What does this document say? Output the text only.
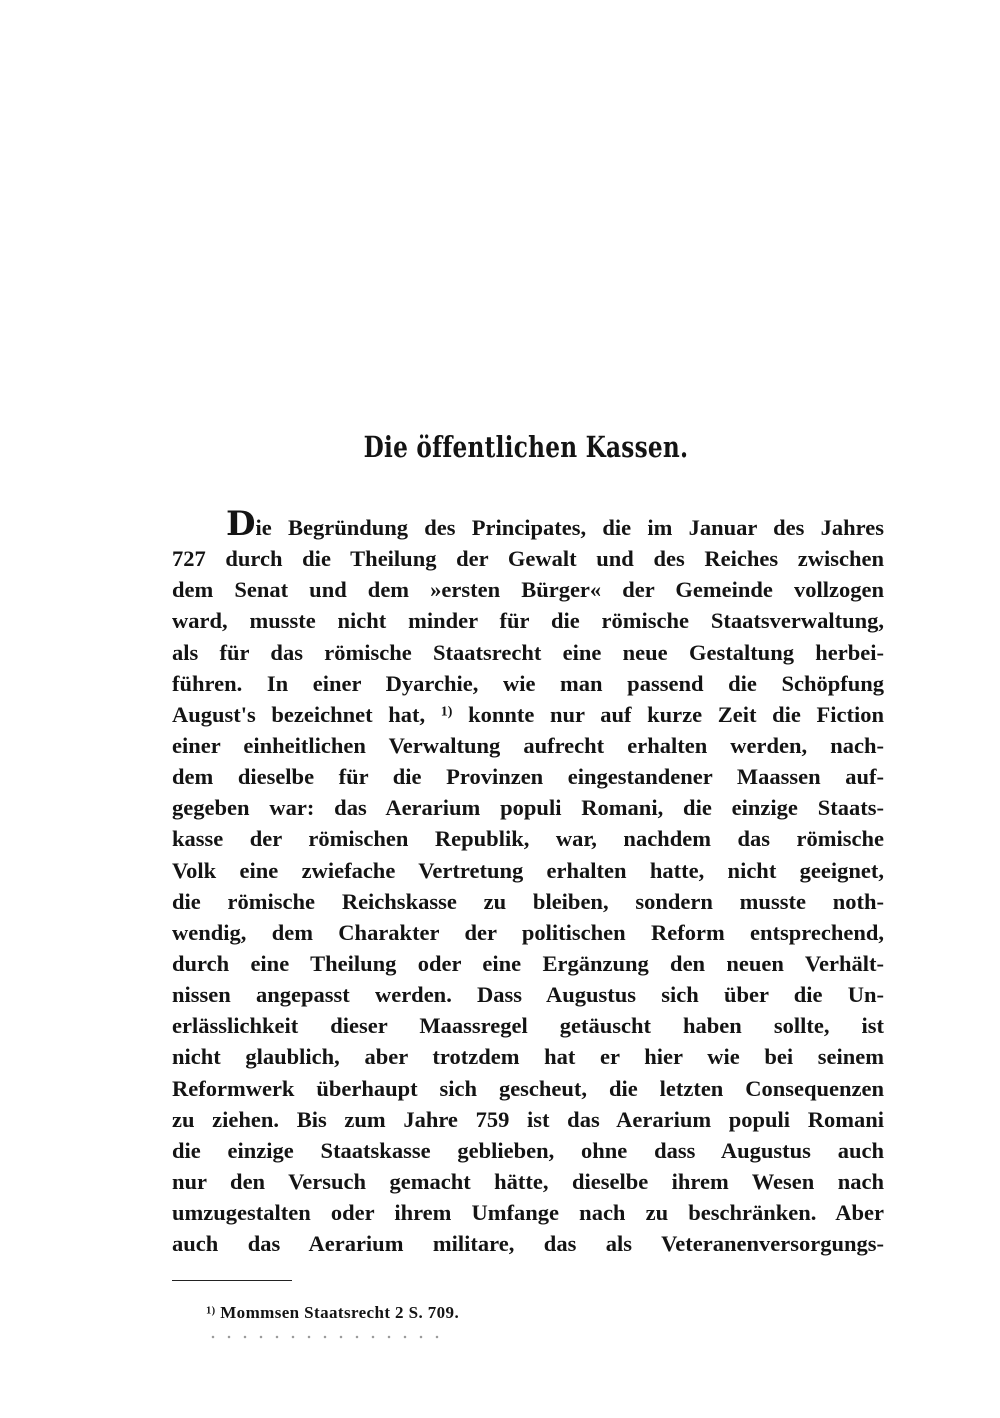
Die öffentlichen Kassen.
Die Begründung des Principates, die im Januar des Jahres
727 durch die Theilung der Gewalt und des Reiches zwischen
dem Senat und dem »ersten Bürger« der Gemeinde vollzogen
ward, musste nicht minder für die römische Staatsverwaltung,
als für das römische Staatsrecht eine neue Gestaltung herbei-
führen. In einer Dyarchie, wie man passend die Schöpfung
August's bezeichnet hat, $^{1)}$ konnte nur auf kurze Zeit die Fiction
einer einheitlichen Verwaltung aufrecht erhalten werden, nach-
dem dieselbe für die Provinzen eingestandener Maassen auf-
gegeben war: das Aerarium populi Romani, die einzige Staats-
kasse der römischen Republik, war, nachdem das römische
Volk eine zwiefache Vertretung erhalten hatte, nicht geeignet,
die römische Reichskasse zu bleiben, sondern musste noth-
wendig, dem Charakter der politischen Reform entsprechend,
durch eine Theilung oder eine Ergänzung den neuen Verhält-
nissen angepasst werden. Dass Augustus sich über die Un-
erlässlichkeit dieser Maassregel getäuscht haben sollte, ist
nicht glaublich, aber trotzdem hat er hier wie bei seinem
Reformwerk überhaupt sich gescheut, die letzten Consequenzen
zu ziehen. Bis zum Jahre 759 ist das Aerarium populi Romani
die einzige Staatskasse geblieben, ohne dass Augustus auch
nur den Versuch gemacht hätte, dieselbe ihrem Wesen nach
umzugestalten oder ihrem Umfange nach zu beschränken. Aber
auch das Aerarium militare, das als Veteranenversorgungs-
$^{1)}$ Mommsen Staatsrecht 2 S. 709.
